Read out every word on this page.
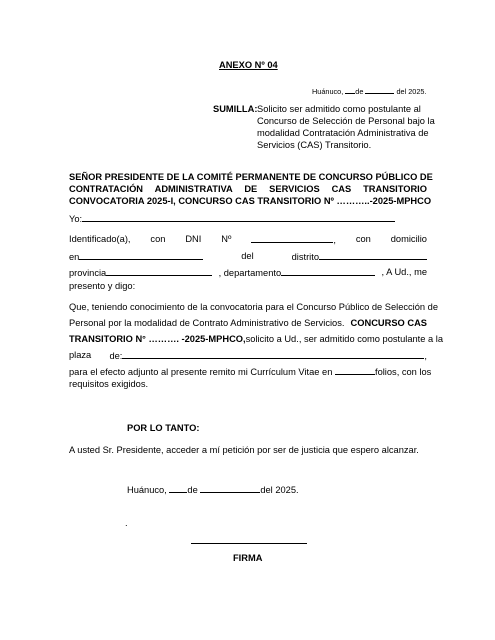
ANEXO Nº 04
Huánuco, de	del 2025.
SUMILLA: Solicito ser admitido como postulante al
Concurso de Selección de Personal bajo la
modalidad Contratación Administrativa de
Servicios (CAS) Transitorio.
SEÑOR PRESIDENTE DE LA COMITÉ PERMANENTE DE CONCURSO PÚBLICO DE
CONTRATACIÓN ADMINISTRATIVA DE SERVICIOS CAS TRANSITORIO
CONVOCATORIA 2025-I, CONCURSO CAS TRANSITORIO Nº ………..-2025-MPHCO
Yo:
Identificado(a), con DNI Nº	, con domicilio
en	del	distrito
provincia	, departamento	, A Ud., me
presento y digo:
Que, teniendo conocimiento de la convocatoria para el Concurso Público de Selección de
Personal por la modalidad de Contrato Administrativo de Servicios. CONCURSO CAS
TRANSITORIO N° ………. -2025-MPHCO, solicito a Ud., ser admitido como postulante a la
plaza de:	,
para el efecto adjunto al presente remito mi Currículum Vitae en	folios, con los
requisitos exigidos.
POR LO TANTO:
A usted Sr. Presidente, acceder a mí petición por ser de justicia que espero alcanzar.
Huánuco, de	del 2025.
.
FIRMA
